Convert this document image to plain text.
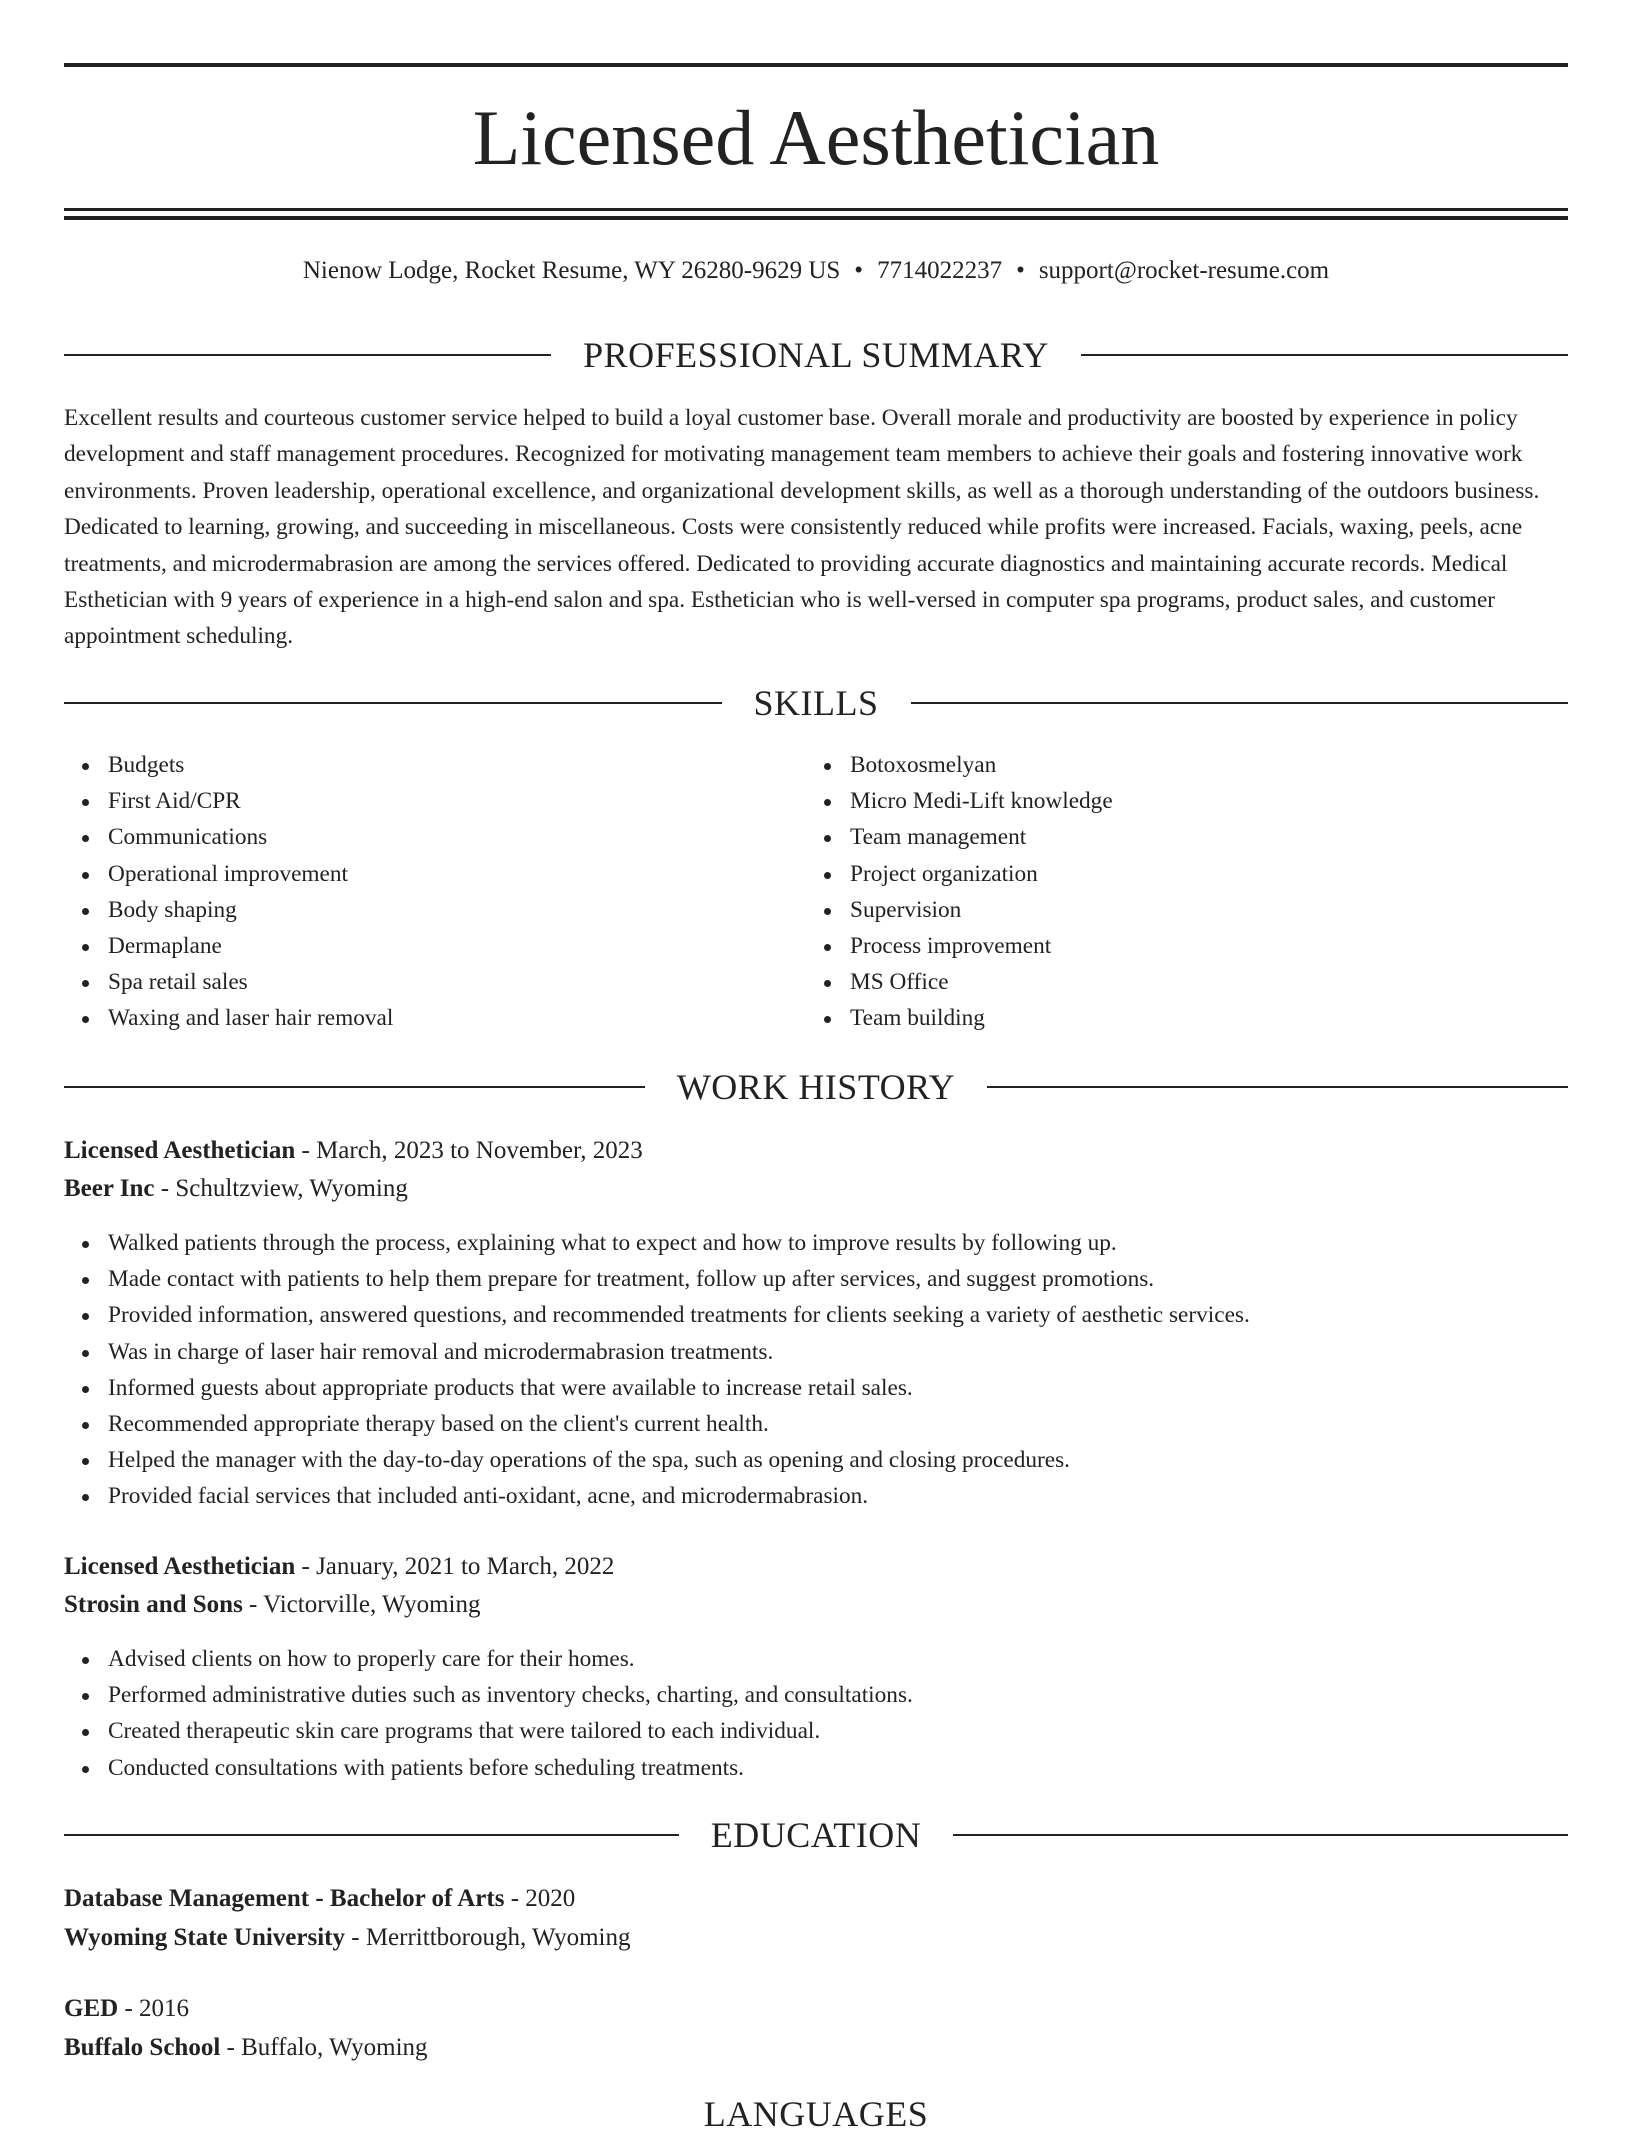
Licensed Aesthetician
Nienow Lodge, Rocket Resume, WY 26280-9629 US • 7714022237 • support@rocket-resume.com
PROFESSIONAL SUMMARY
Excellent results and courteous customer service helped to build a loyal customer base. Overall morale and productivity are boosted by experience in policy development and staff management procedures. Recognized for motivating management team members to achieve their goals and fostering innovative work environments. Proven leadership, operational excellence, and organizational development skills, as well as a thorough understanding of the outdoors business. Dedicated to learning, growing, and succeeding in miscellaneous. Costs were consistently reduced while profits were increased. Facials, waxing, peels, acne treatments, and microdermabrasion are among the services offered. Dedicated to providing accurate diagnostics and maintaining accurate records. Medical Esthetician with 9 years of experience in a high-end salon and spa. Esthetician who is well-versed in computer spa programs, product sales, and customer appointment scheduling.
SKILLS
Budgets
First Aid/CPR
Communications
Operational improvement
Body shaping
Dermaplane
Spa retail sales
Waxing and laser hair removal
Botoxosmelyan
Micro Medi-Lift knowledge
Team management
Project organization
Supervision
Process improvement
MS Office
Team building
WORK HISTORY
Licensed Aesthetician - March, 2023 to November, 2023
Beer Inc - Schultzview, Wyoming
Walked patients through the process, explaining what to expect and how to improve results by following up.
Made contact with patients to help them prepare for treatment, follow up after services, and suggest promotions.
Provided information, answered questions, and recommended treatments for clients seeking a variety of aesthetic services.
Was in charge of laser hair removal and microdermabrasion treatments.
Informed guests about appropriate products that were available to increase retail sales.
Recommended appropriate therapy based on the client's current health.
Helped the manager with the day-to-day operations of the spa, such as opening and closing procedures.
Provided facial services that included anti-oxidant, acne, and microdermabrasion.
Licensed Aesthetician - January, 2021 to March, 2022
Strosin and Sons - Victorville, Wyoming
Advised clients on how to properly care for their homes.
Performed administrative duties such as inventory checks, charting, and consultations.
Created therapeutic skin care programs that were tailored to each individual.
Conducted consultations with patients before scheduling treatments.
EDUCATION
Database Management - Bachelor of Arts - 2020
Wyoming State University - Merrittborough, Wyoming
GED - 2016
Buffalo School - Buffalo, Wyoming
LANGUAGES
